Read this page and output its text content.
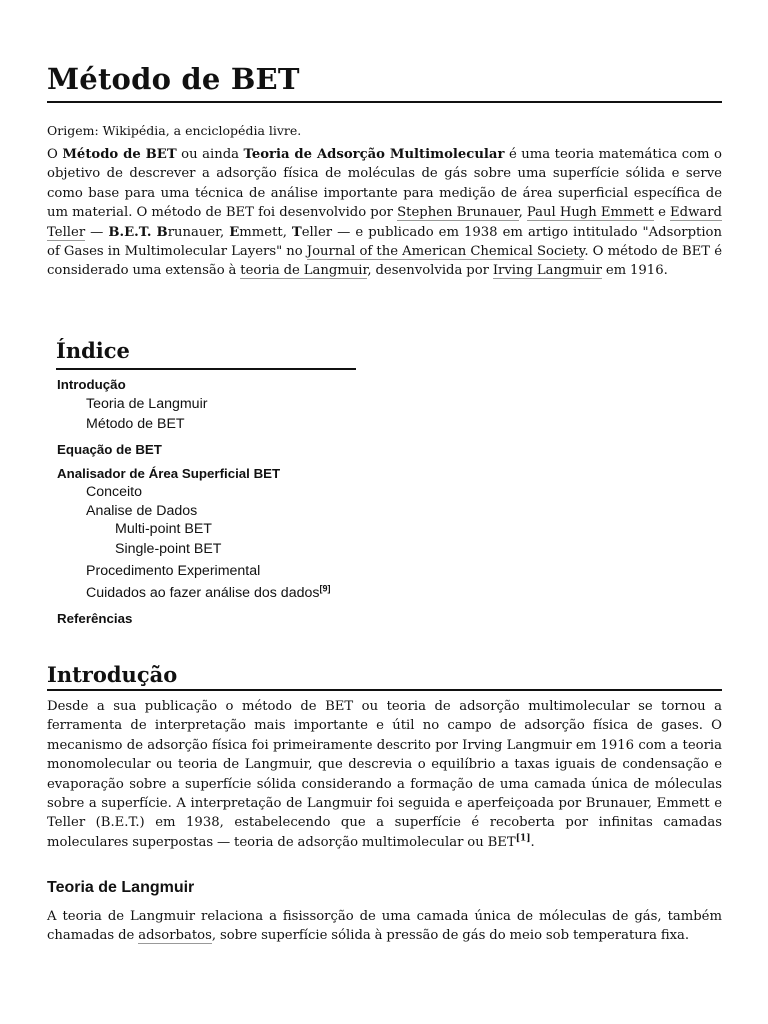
Método de BET
Origem: Wikipédia, a enciclopédia livre.

O Método de BET ou ainda Teoria de Adsorção Multimolecular é uma teoria matemática com o objetivo de descrever a adsorção física de moléculas de gás sobre uma superfície sólida e serve como base para uma técnica de análise importante para medição de área superficial específica de um material. O método de BET foi desenvolvido por Stephen Brunauer, Paul Hugh Emmett e Edward Teller — B.E.T. Brunauer, Emmett, Teller — e publicado em 1938 em artigo intitulado "Adsorption of Gases in Multimolecular Layers" no Journal of the American Chemical Society. O método de BET é considerado uma extensão à teoria de Langmuir, desenvolvida por Irving Langmuir em 1916.

Índice
Introdução
Teoria de Langmuir
Método de BET
Equação de BET
Analisador de Área Superficial BET
Conceito
Analise de Dados
Multi-point BET
Single-point BET
Procedimento Experimental
Cuidados ao fazer análise dos dados[9]
Referências
Introdução

Desde a sua publicação o método de BET ou teoria de adsorção multimolecular se tornou a ferramenta de interpretação mais importante e útil no campo de adsorção física de gases. O mecanismo de adsorção física foi primeiramente descrito por Irving Langmuir em 1916 com a teoria monomolecular ou teoria de Langmuir, que descrevia o equilíbrio a taxas iguais de condensação e evaporação sobre a superfície sólida considerando a formação de uma camada única de móleculas sobre a superfície. A interpretação de Langmuir foi seguida e aperfeiçoada por Brunauer, Emmett e Teller (B.E.T.) em 1938, estabelecendo que a superfície é recoberta por infinitas camadas moleculares superpostas — teoria de adsorção multimolecular ou BET[1].

Teoria de Langmuir

A teoria de Langmuir relaciona a fisissorção de uma camada única de móleculas de gás, também chamadas de adsorbatos, sobre superfície sólida à pressão de gás do meio sob temperatura fixa.
